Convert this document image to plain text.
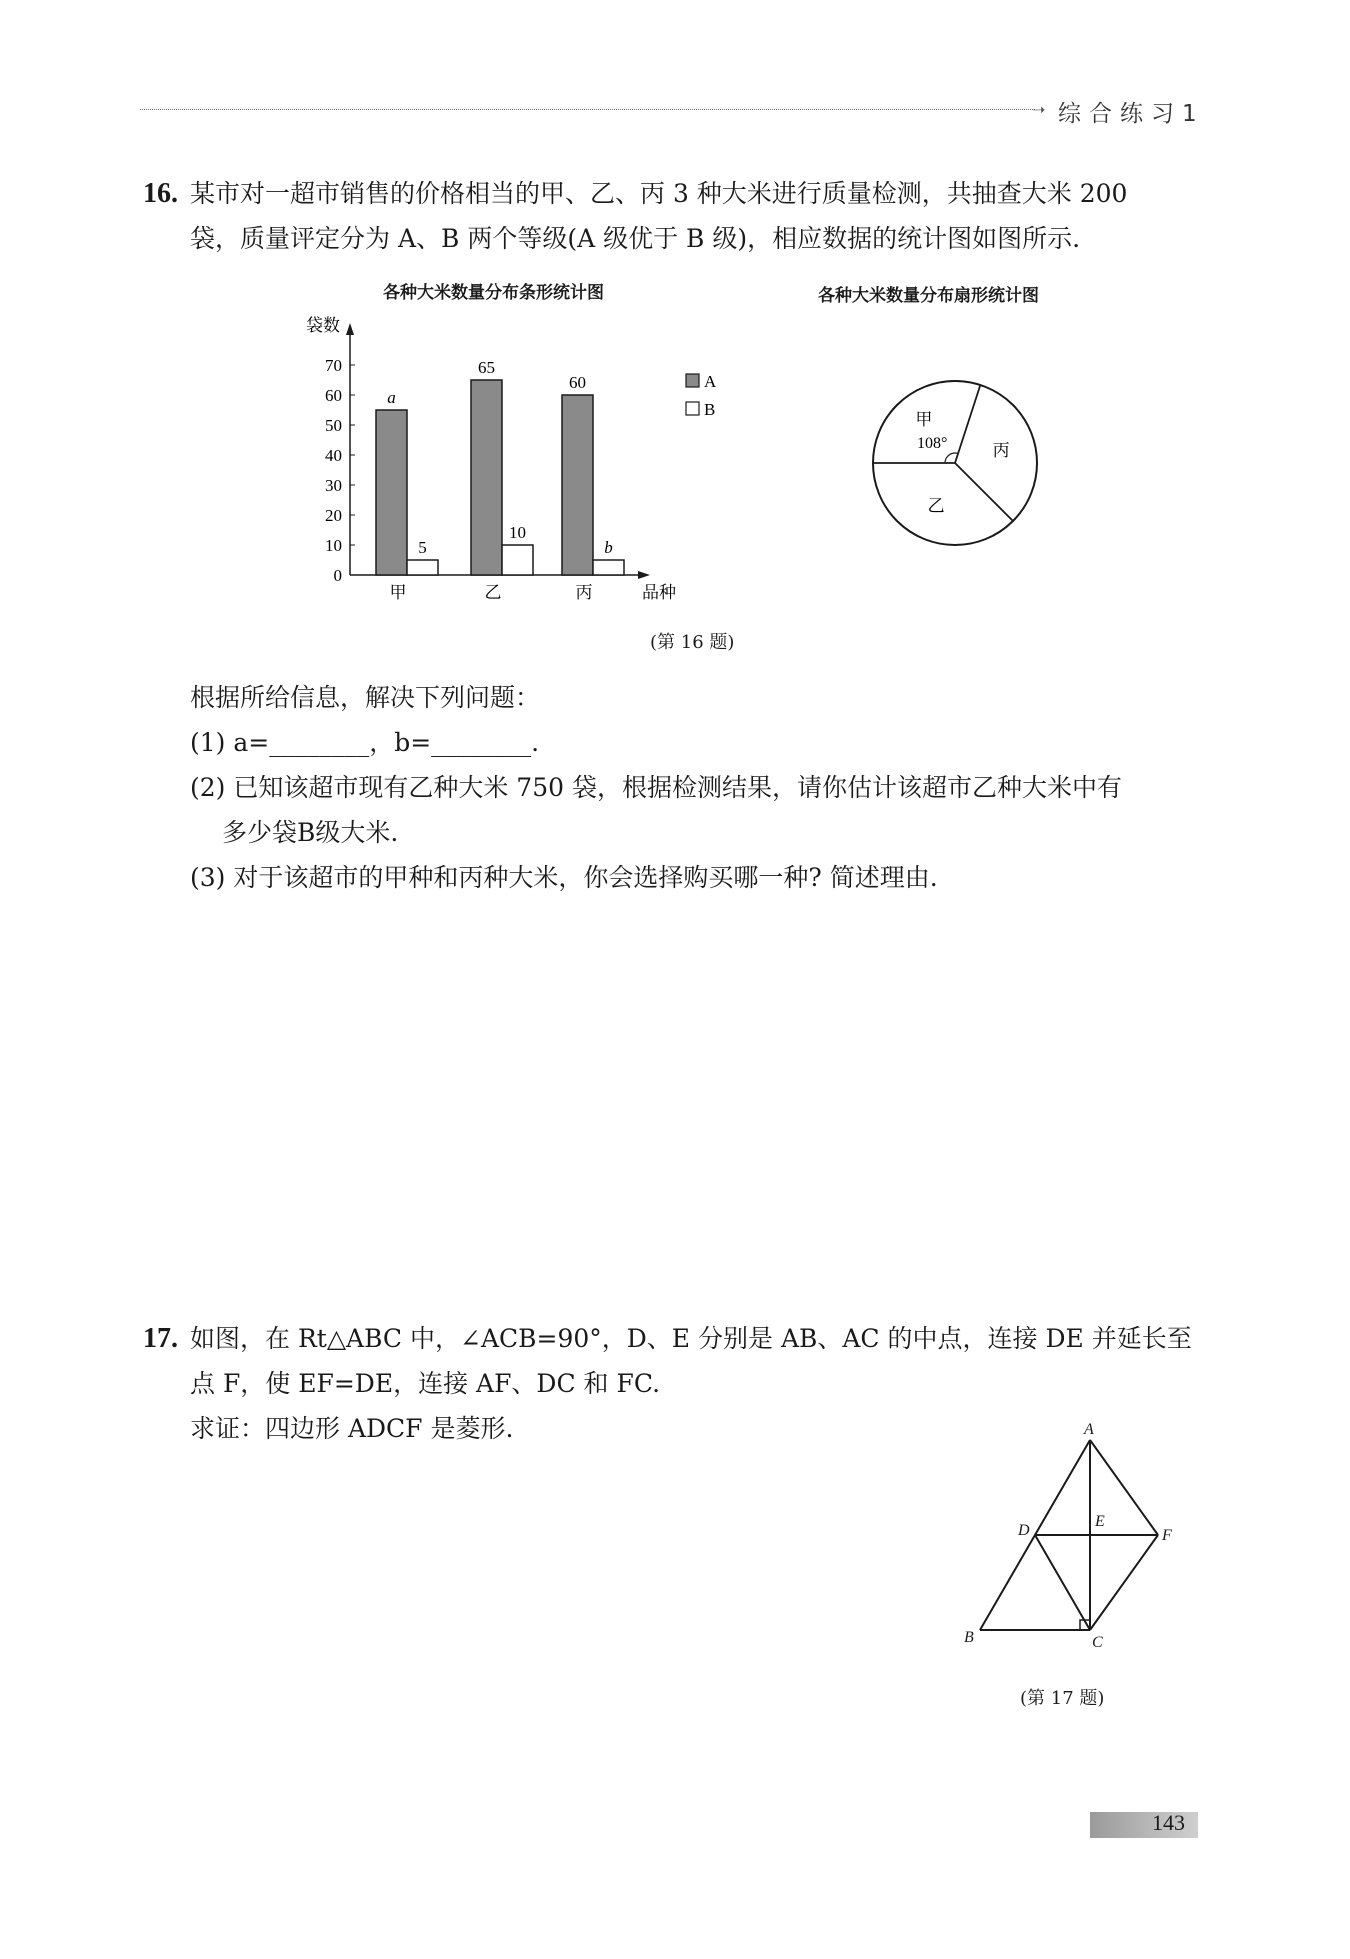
➝ 综合练习1
16. 某市对一超市销售的价格相当的甲、乙、丙 3 种大米进行质量检测，共抽查大米 200
袋，质量评定分为 A、B 两个等级(A 级优于 B 级)，相应数据的统计图如图所示.
各种大米数量分布条形统计图	各种大米数量分布扇形统计图
袋数
品种
0
10
20
30
40
50
60
70
甲
a
5
乙
65
10
丙
60
b
A
B
甲
丙
乙
108°
(第 16 题)
根据所给信息，解决下列问题：
(1) a=________，b=________.
(2) 已知该超市现有乙种大米 750 袋，根据检测结果，请你估计该超市乙种大米中有
多少袋B级大米.
(3) 对于该超市的甲种和丙种大米，你会选择购买哪一种? 简述理由.
17. 如图，在 Rt△ABC 中，∠ACB=90°，D、E 分别是 AB、AC 的中点，连接 DE 并延长至
点 F，使 EF=DE，连接 AF、DC 和 FC.
求证：四边形 ADCF 是菱形.	A
B	C
D
E
F
(第 17 题)
143
